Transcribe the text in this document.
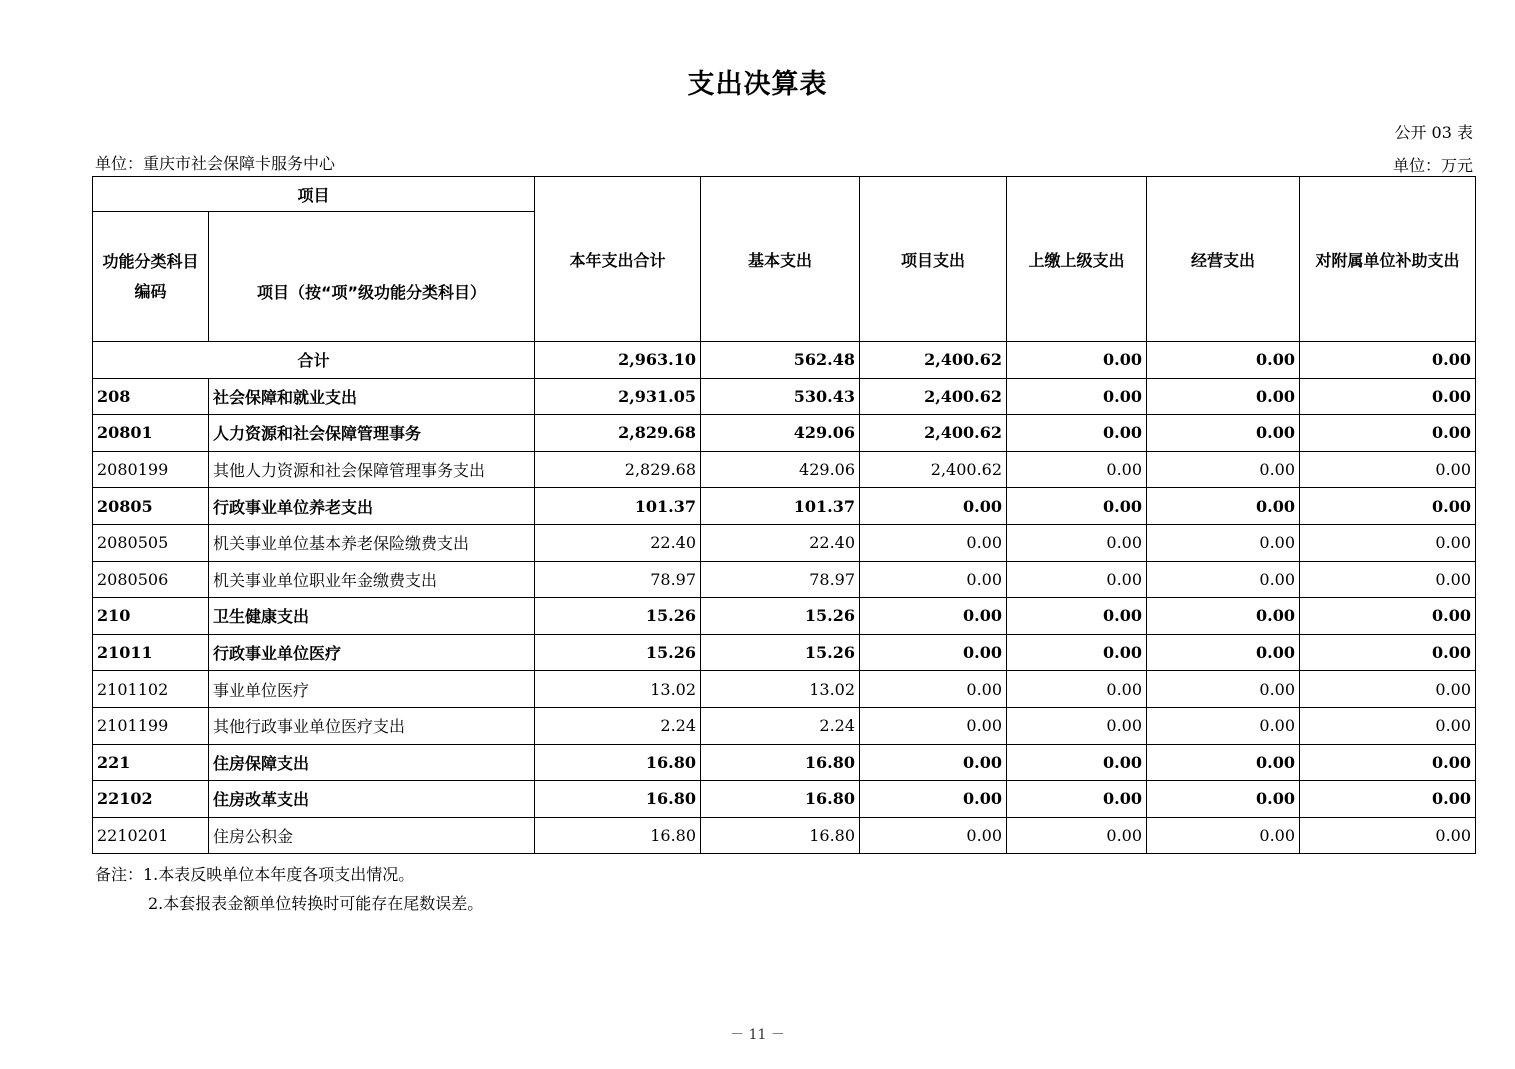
支出决算表
公开 03 表
单位：重庆市社会保障卡服务中心	单位：万元
项目		本年支出合计	基本支出	项目支出	上缴上级支出	经营支出	对附属单位补助支出
功能分类科目编码	项目（按“项”级功能分类科目）						
合计		2,963.10	562.48	2,400.62	0.00	0.00	0.00
208	社会保障和就业支出	2,931.05	530.43	2,400.62	0.00	0.00	0.00
20801	人力资源和社会保障管理事务	2,829.68	429.06	2,400.62	0.00	0.00	0.00
2080199	其他人力资源和社会保障管理事务支出	2,829.68	429.06	2,400.62	0.00	0.00	0.00
20805	行政事业单位养老支出	101.37	101.37	0.00	0.00	0.00	0.00
2080505	机关事业单位基本养老保险缴费支出	22.40	22.40	0.00	0.00	0.00	0.00
2080506	机关事业单位职业年金缴费支出	78.97	78.97	0.00	0.00	0.00	0.00
210	卫生健康支出	15.26	15.26	0.00	0.00	0.00	0.00
21011	行政事业单位医疗	15.26	15.26	0.00	0.00	0.00	0.00
2101102	事业单位医疗	13.02	13.02	0.00	0.00	0.00	0.00
2101199	其他行政事业单位医疗支出	2.24	2.24	0.00	0.00	0.00	0.00
221	住房保障支出	16.80	16.80	0.00	0.00	0.00	0.00
22102	住房改革支出	16.80	16.80	0.00	0.00	0.00	0.00
2210201	住房公积金	16.80	16.80	0.00	0.00	0.00	0.00
备注：1.本表反映单位本年度各项支出情况。
2.本套报表金额单位转换时可能存在尾数误差。
－ 11 －
